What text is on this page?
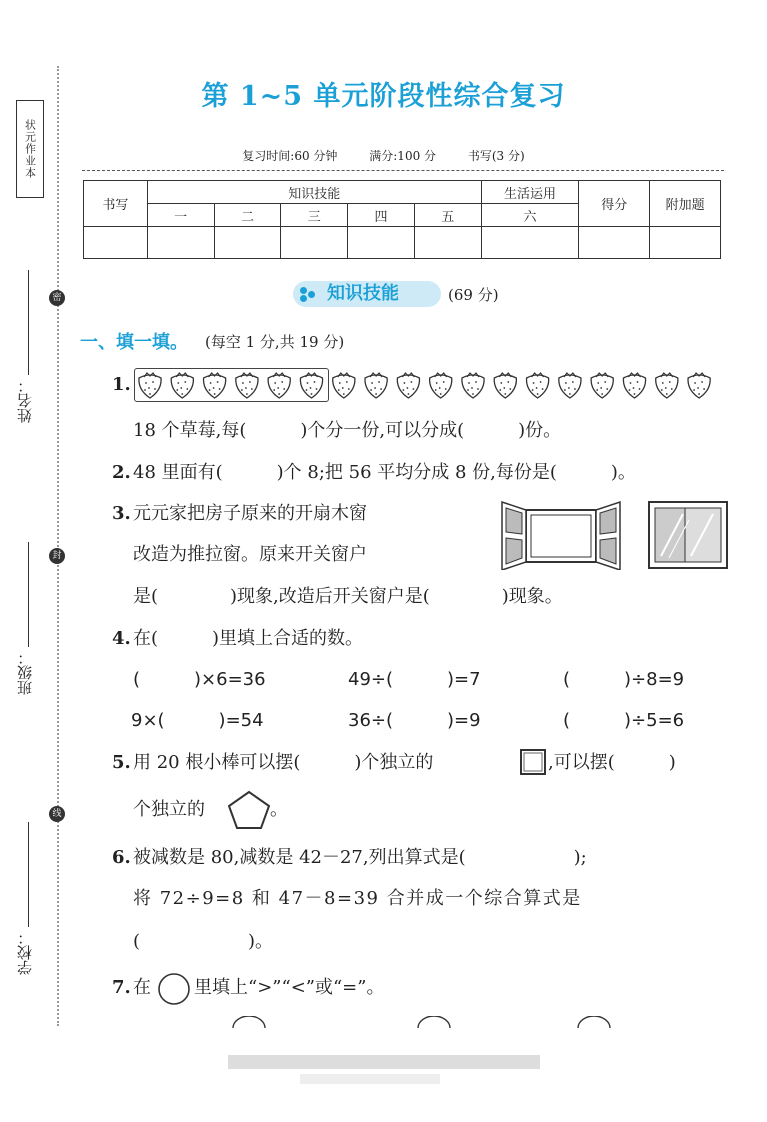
状元作业本
密
封
线
姓名：
班级：
学校：
第 1~5 单元阶段性综合复习
复习时间:60 分钟	满分:100 分	书写(3 分)
书写	知识技能					生活运用	得分	附加题
	一	二	三	四	五	六		

知识技能	(69 分)
一、填一填。 (每空 1 分,共 19 分)
1.
18 个草莓,每(　　　)个分一份,可以分成(　　　)份。
2. 48 里面有(　　　)个 8;把 56 平均分成 8 份,每份是(　　　)。
3. 元元家把房子原来的开扇木窗
改造为推拉窗。原来开关窗户
是(　　　　)现象,改造后开关窗户是(　　　　)现象。
4. 在(　　　)里填上合适的数。
(　　　)×6=36	49÷(　　　)=7	(　　　)÷8=9
9×(　　　)=54	36÷(　　　)=9	(　　　)÷5=6
5. 用 20 根小棒可以摆(　　　)个独立的	,可以摆(　　　)
个独立的	。
6. 被减数是 80,减数是 42－27,列出算式是(　　　　　　);
将 72÷9=8 和 47－8=39 合并成一个综合算式是
(　　　　　　)。
7. 在 里填上“>”“<”或“=”。
